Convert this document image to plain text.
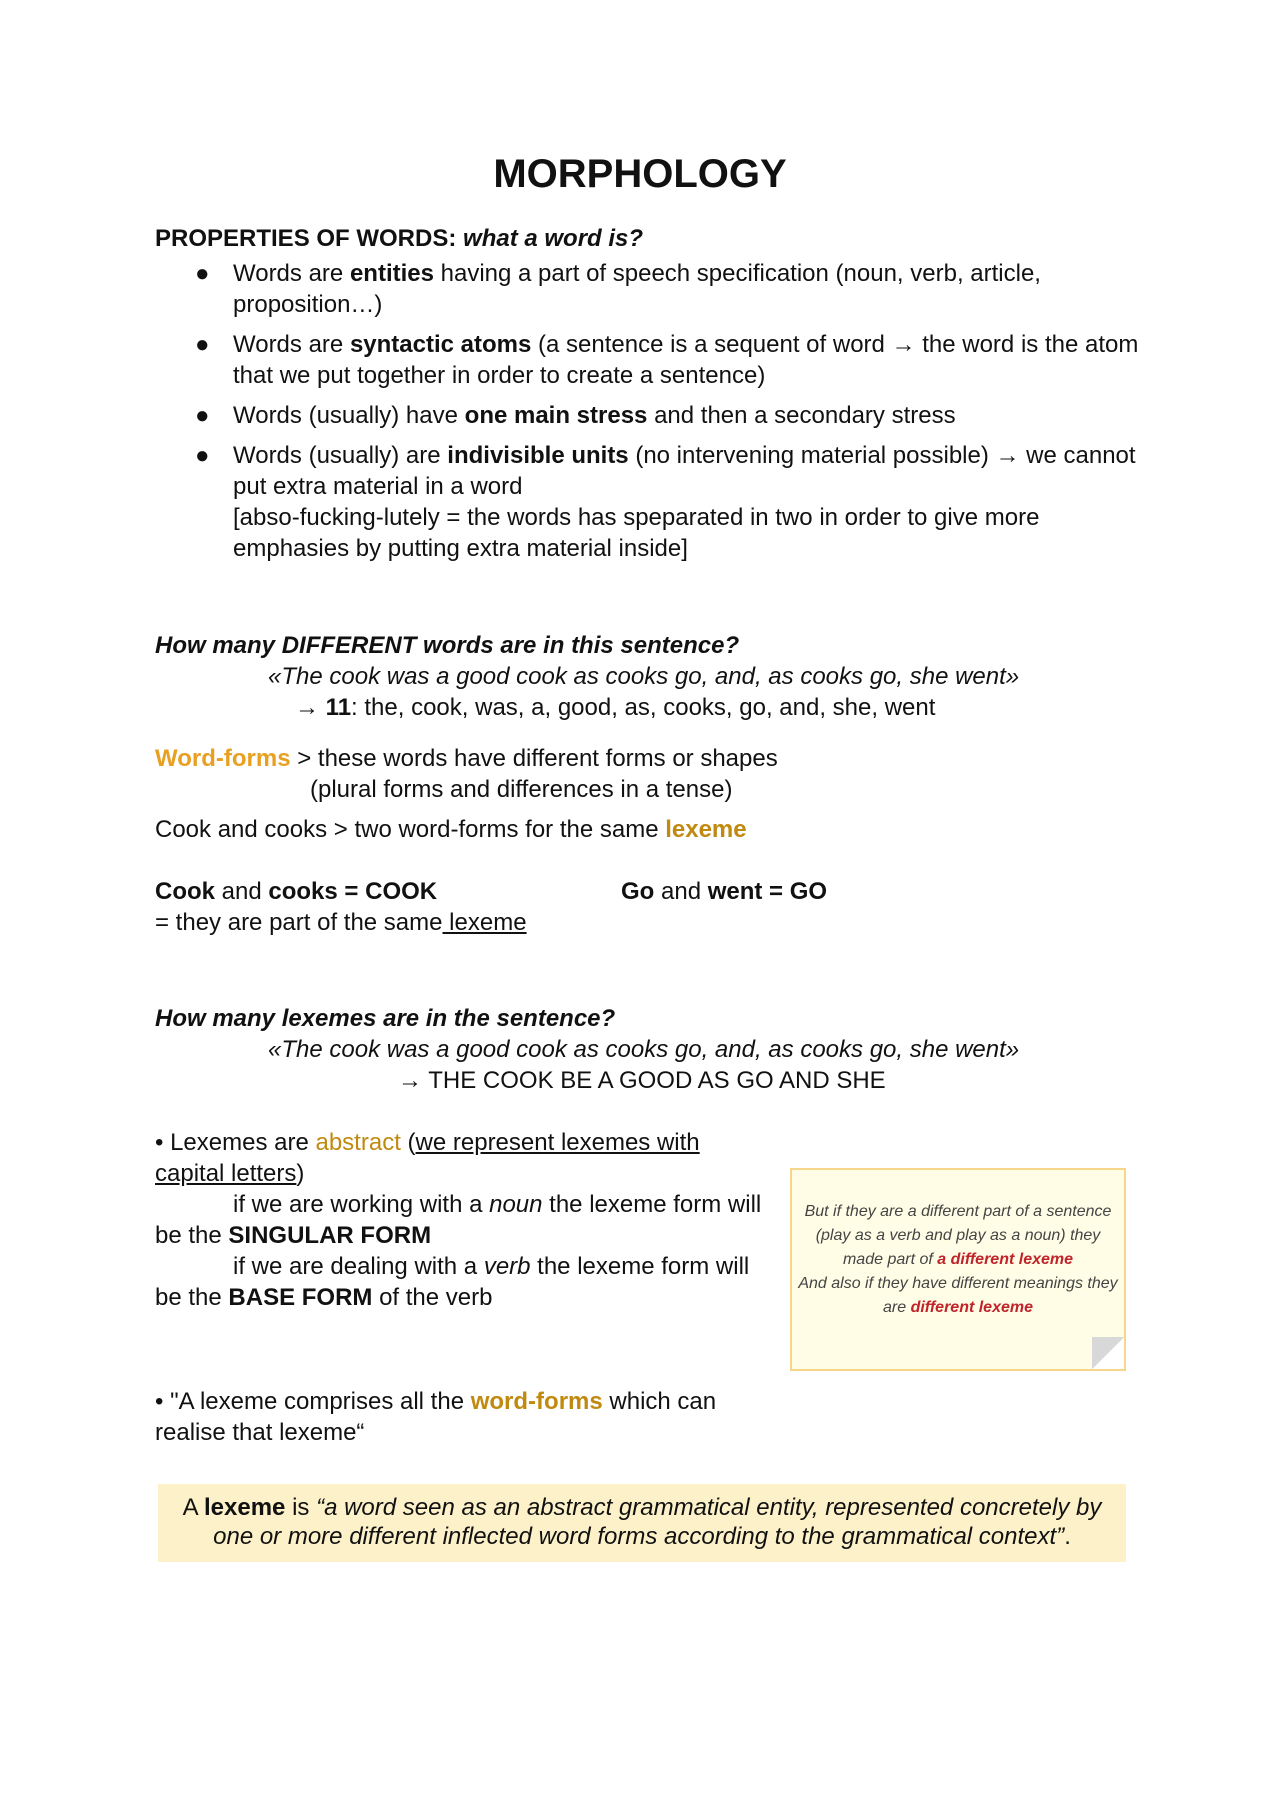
MORPHOLOGY
PROPERTIES OF WORDS: what a word is?
● Words are entities having a part of speech specification (noun, verb, article, proposition…)
● Words are syntactic atoms (a sentence is a sequent of word → the word is the atom that we put together in order to create a sentence)
● Words (usually) have one main stress and then a secondary stress
● Words (usually) are indivisible units (no intervening material possible) → we cannot put extra material in a word
[abso-fucking-lutely = the words has speparated in two in order to give more emphasies by putting extra material inside]
How many DIFFERENT words are in this sentence?
«The cook was a good cook as cooks go, and, as cooks go, she went»
→ 11: the, cook, was, a, good, as, cooks, go, and, she, went
Word-forms > these words have different forms or shapes
(plural forms and differences in a tense)
Cook and cooks > two word-forms for the same lexeme
Cook and cooks = COOK	Go and went = GO
= they are part of the same lexeme
How many lexemes are in the sentence?
«The cook was a good cook as cooks go, and, as cooks go, she went»
→ THE COOK BE A GOOD AS GO AND SHE
• Lexemes are abstract (we represent lexemes with
capital letters)
if we are working with a noun the lexeme form will
be the SINGULAR FORM
if we are dealing with a verb the lexeme form will
be the BASE FORM of the verb
But if they are a different part of a sentence (play as a verb and play as a noun) they made part of a different lexeme
And also if they have different meanings they are different lexeme
• "A lexeme comprises all the word-forms which can
realise that lexeme“
A lexeme is “a word seen as an abstract grammatical entity, represented concretely by
one or more different inflected word forms according to the grammatical context”.
